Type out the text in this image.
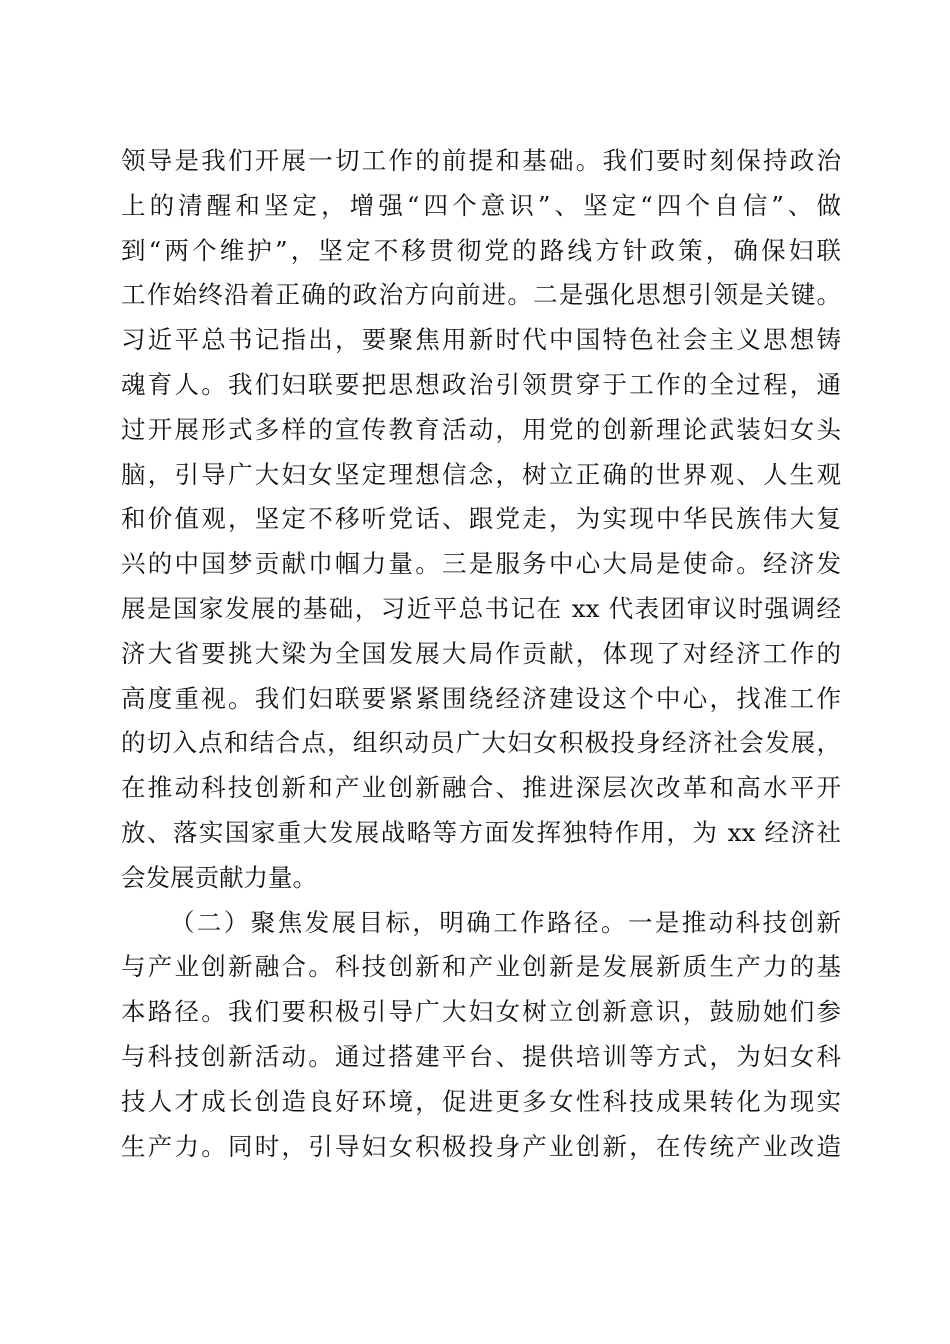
领导是我们开展一切工作的前提和基础。我们要时刻保持政治
上的清醒和坚定，增强“四个意识”、坚定“四个自信”、做
到“两个维护”，坚定不移贯彻党的路线方针政策，确保妇联
工作始终沿着正确的政治方向前进。二是强化思想引领是关键。
习近平总书记指出，要聚焦用新时代中国特色社会主义思想铸
魂育人。我们妇联要把思想政治引领贯穿于工作的全过程，通
过开展形式多样的宣传教育活动，用党的创新理论武装妇女头
脑，引导广大妇女坚定理想信念，树立正确的世界观、人生观
和价值观，坚定不移听党话、跟党走，为实现中华民族伟大复
兴的中国梦贡献巾帼力量。三是服务中心大局是使命。经济发
展是国家发展的基础，习近平总书记在 xx 代表团审议时强调经
济大省要挑大梁为全国发展大局作贡献，体现了对经济工作的
高度重视。我们妇联要紧紧围绕经济建设这个中心，找准工作
的切入点和结合点，组织动员广大妇女积极投身经济社会发展，
在推动科技创新和产业创新融合、推进深层次改革和高水平开
放、落实国家重大发展战略等方面发挥独特作用，为 xx 经济社
会发展贡献力量。
（二）聚焦发展目标，明确工作路径。一是推动科技创新
与产业创新融合。科技创新和产业创新是发展新质生产力的基
本路径。我们要积极引导广大妇女树立创新意识，鼓励她们参
与科技创新活动。通过搭建平台、提供培训等方式，为妇女科
技人才成长创造良好环境，促进更多女性科技成果转化为现实
生产力。同时，引导妇女积极投身产业创新，在传统产业改造
